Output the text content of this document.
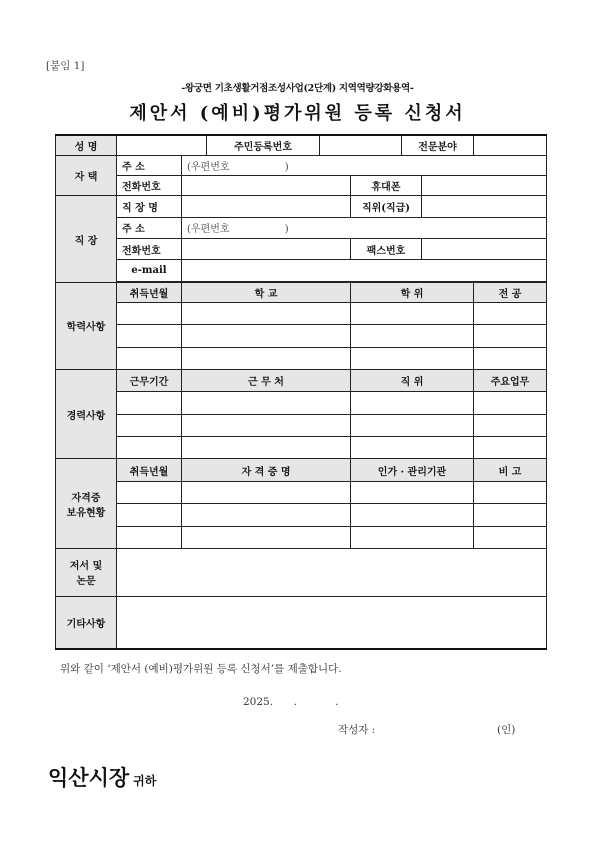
[붙임 1]
-왕궁면 기초생활거점조성사업(2단계) 지역역량강화용역-
제안서 (예비)평가위원 등록 신청서
성 명			주민등록번호			전문분야		
자 택	주 소	(우편번호 )						
	전화번호				휴대폰			
직 장	직 장 명				직위(직급)			
	주 소	(우편번호 )						
	전화번호				팩스번호			
	e-mail							

학력사항	취득년월	학 교			학 위			전 공

경력사항	근무기간	근 무 처			직 위			주요업무

자격증
보유현황	취득년월	자 격 증 명			인가 · 관리기관			비 고

저서 및
논문								

기타사항								
위와 같이 ‘제안서 (예비)평가위원 등록 신청서’를 제출합니다.
2025. .	.
작성자 :	(인)
익산시장 귀하
